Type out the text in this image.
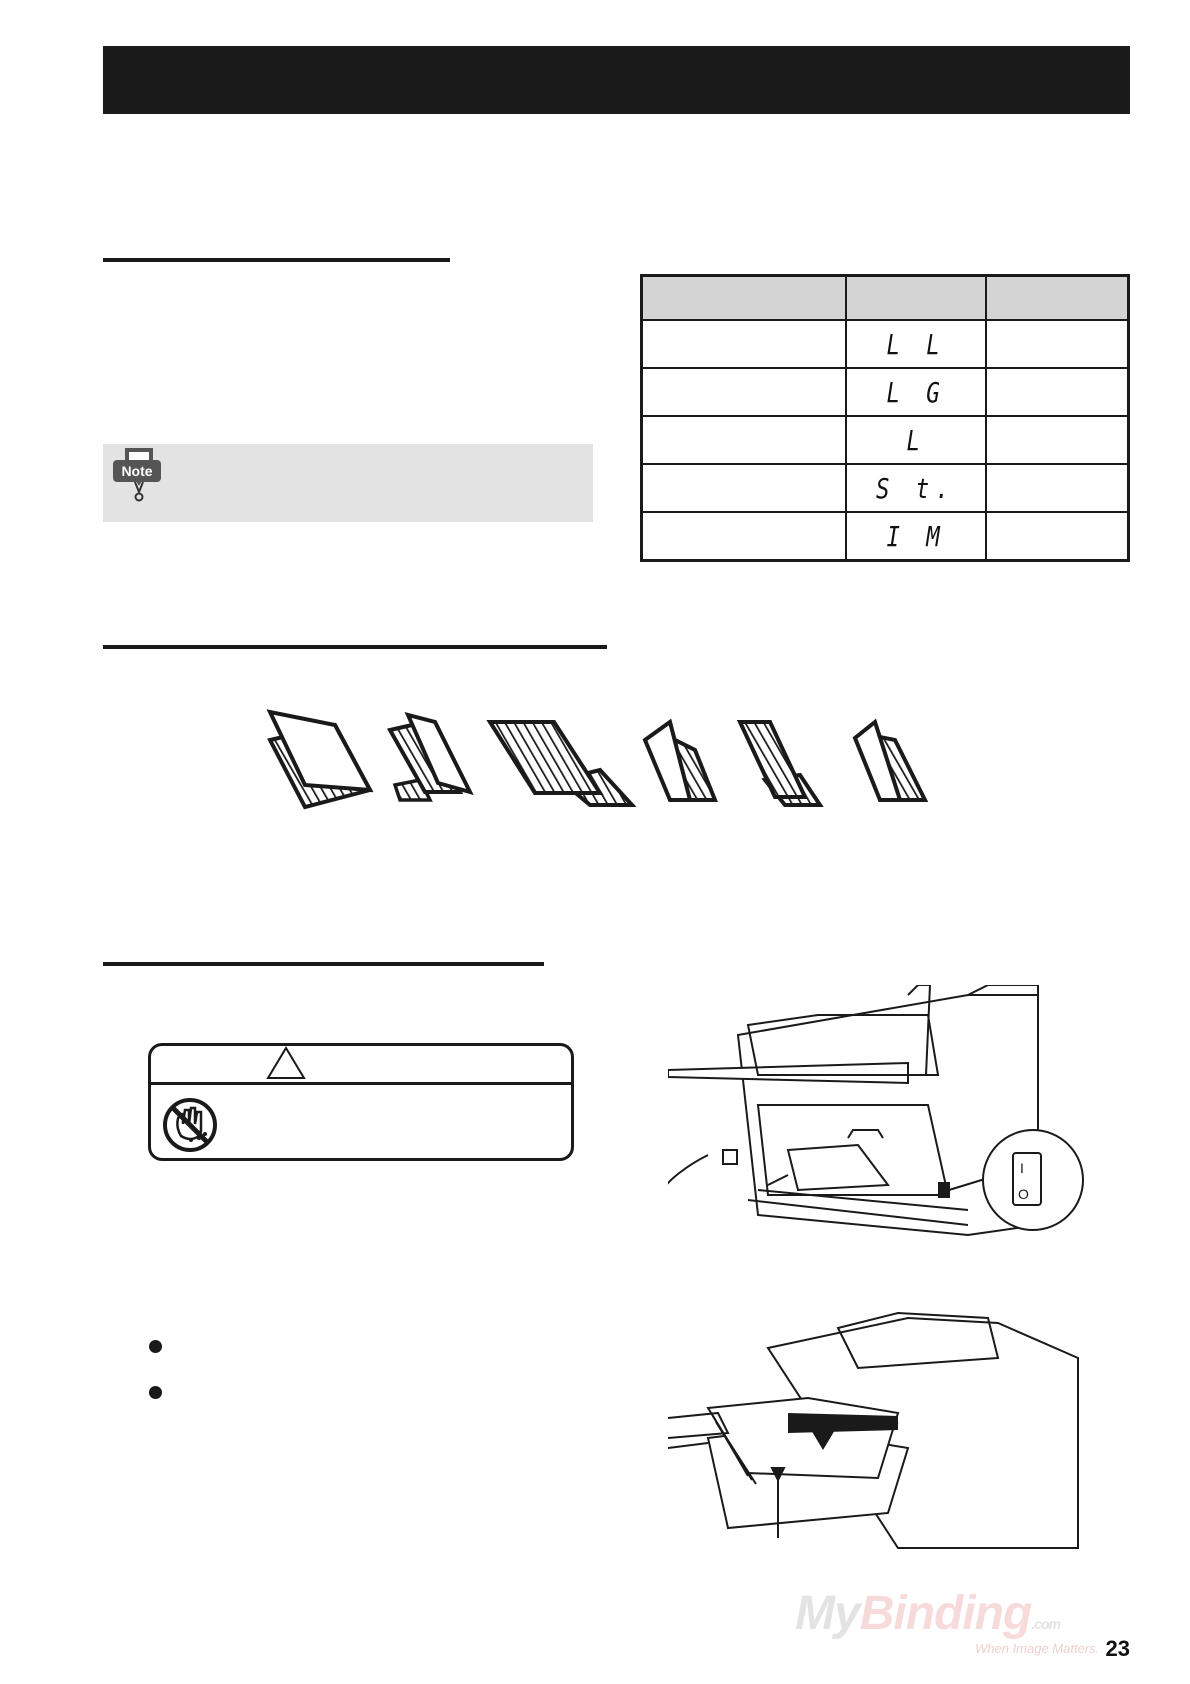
Note

	L L	
	L G	
	L	
	S t.	
	I M	
I
O
MyBinding.com
When Image Matters. 23
